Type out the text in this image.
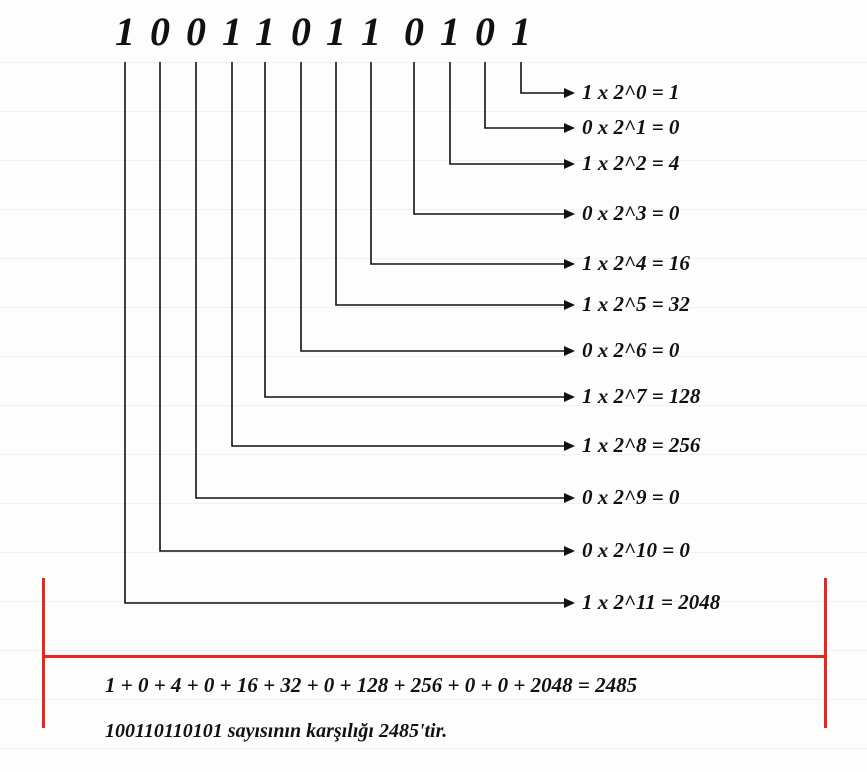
1 0 0 1 1 0 1 1 0 1 0 1
1 x 2^0 = 1
0 x 2^1 = 0
1 x 2^2 = 4
0 x 2^3 = 0
1 x 2^4 = 16
1 x 2^5 = 32
0 x 2^6 = 0
1 x 2^7 = 128
1 x 2^8 = 256
0 x 2^9 = 0
0 x 2^10 = 0
1 x 2^11 = 2048
1 + 0 + 4 + 0 + 16 + 32 + 0 + 128 + 256 + 0 + 0 + 2048 = 2485
100110110101 sayısının karşılığı 2485'tir.
